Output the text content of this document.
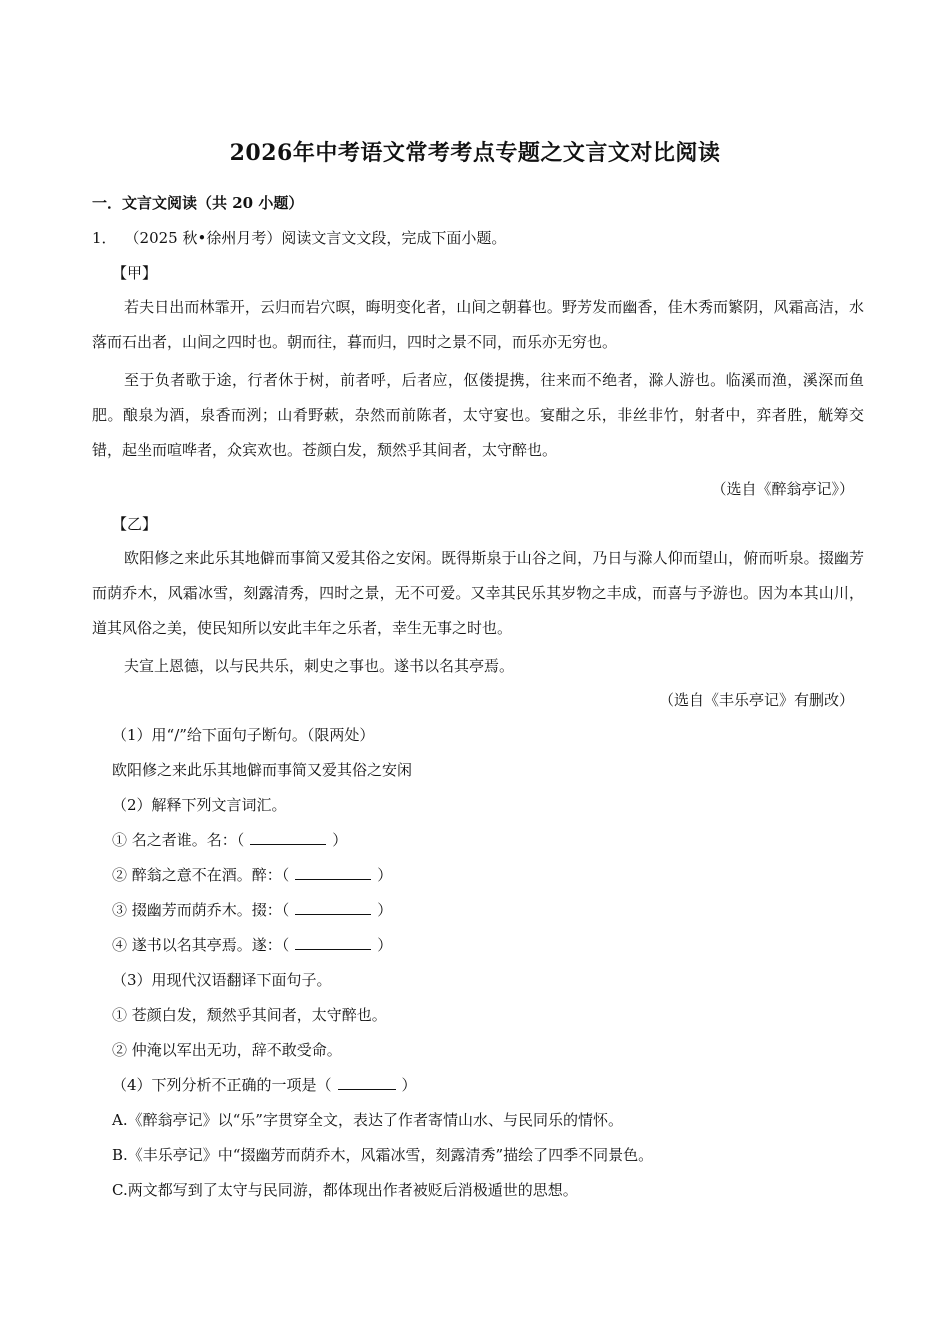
2026年中考语文常考考点专题之文言文对比阅读
一．文言文阅读（共 20 小题）
1． （2025 秋•徐州月考）阅读文言文文段，完成下面小题。
【甲】
若夫日出而林霏开，云归而岩穴暝，晦明变化者，山间之朝暮也。野芳发而幽香，佳木秀而繁阴，风霜高洁，水落而石出者，山间之四时也。朝而往，暮而归，四时之景不同，而乐亦无穷也。
至于负者歌于途，行者休于树，前者呼，后者应，伛偻提携，往来而不绝者，滁人游也。临溪而渔，溪深而鱼肥。酿泉为酒，泉香而洌；山肴野蔌，杂然而前陈者，太守宴也。宴酣之乐，非丝非竹，射者中，弈者胜，觥筹交错，起坐而喧哗者，众宾欢也。苍颜白发，颓然乎其间者，太守醉也。
（选自《醉翁亭记》）
【乙】
欧阳修之来此乐其地僻而事简又爱其俗之安闲。既得斯泉于山谷之间，乃日与滁人仰而望山，俯而听泉。掇幽芳而荫乔木，风霜冰雪，刻露清秀，四时之景，无不可爱。又幸其民乐其岁物之丰成，而喜与予游也。因为本其山川，道其风俗之美，使民知所以安此丰年之乐者，幸生无事之时也。
夫宣上恩德，以与民共乐，刺史之事也。遂书以名其亭焉。
（选自《丰乐亭记》有删改）
（1）用“/”给下面句子断句。（限两处）
欧阳修之来此乐其地僻而事简又爱其俗之安闲
（2）解释下列文言词汇。
① 名之者谁。名：（	）
② 醉翁之意不在酒。醉：（	）
③ 掇幽芳而荫乔木。掇：（	）
④ 遂书以名其亭焉。遂：（	）
（3）用现代汉语翻译下面句子。
① 苍颜白发，颓然乎其间者，太守醉也。
② 仲淹以军出无功，辞不敢受命。
（4）下列分析不正确的一项是（	）
A.《醉翁亭记》以“乐”字贯穿全文，表达了作者寄情山水、与民同乐的情怀。
B.《丰乐亭记》中“掇幽芳而荫乔木，风霜冰雪，刻露清秀”描绘了四季不同景色。
C.两文都写到了太守与民同游，都体现出作者被贬后消极遁世的思想。
